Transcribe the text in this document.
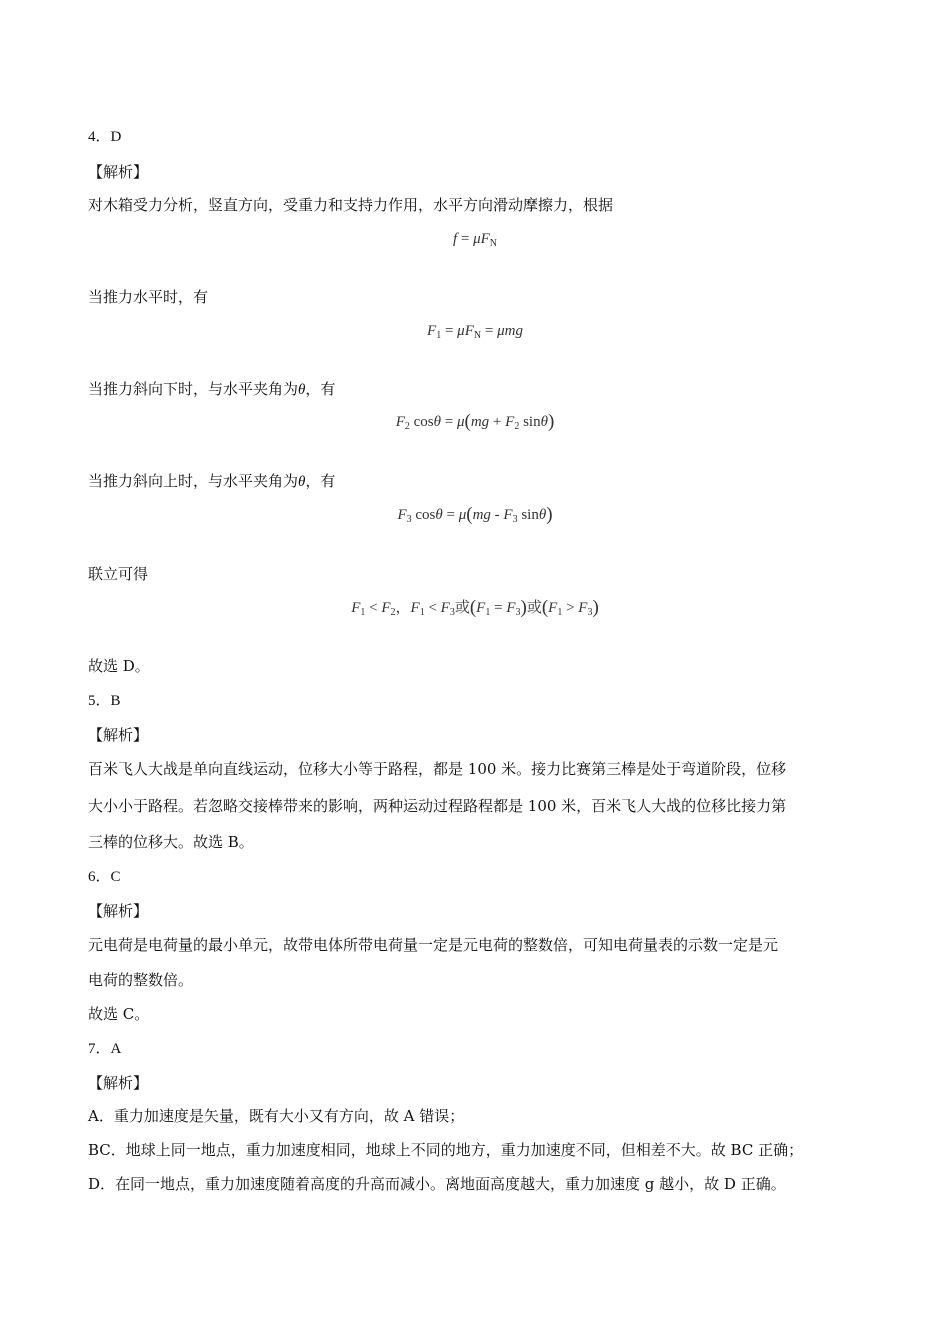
4．D
【解析】
对木箱受力分析，竖直方向，受重力和支持力作用，水平方向滑动摩擦力，根据
$f = \mu F_N$
当推力水平时，有
$F_1 = \mu F_N = \mu mg$
当推力斜向下时，与水平夹角为θ，有
$F_2$ $\cos\theta = \mu(mg + F_2$ sinθ)
当推力斜向上时，与水平夹角为θ，有
$F_3$ $\cos\theta = \mu(mg - F_3$ sinθ)
联立可得
$F_1 < F_2$，$F_1 < F_3$或$(F_1 = F_3)$或$(F_1 > F_3)$
故选 D。
5．B
【解析】
百米飞人大战是单向直线运动，位移大小等于路程，都是 100 米。接力比赛第三棒是处于弯道阶段，位移
大小小于路程。若忽略交接棒带来的影响，两种运动过程路程都是 100 米，百米飞人大战的位移比接力第
三棒的位移大。故选 B。
6．C
【解析】
元电荷是电荷量的最小单元，故带电体所带电荷量一定是元电荷的整数倍，可知电荷量表的示数一定是元
电荷的整数倍。
故选 C。
7．A
【解析】
A．重力加速度是矢量，既有大小又有方向，故 A 错误；
BC．地球上同一地点，重力加速度相同，地球上不同的地方，重力加速度不同，但相差不大。故 BC 正确；
D．在同一地点，重力加速度随着高度的升高而减小。离地面高度越大，重力加速度 g 越小，故 D 正确。
